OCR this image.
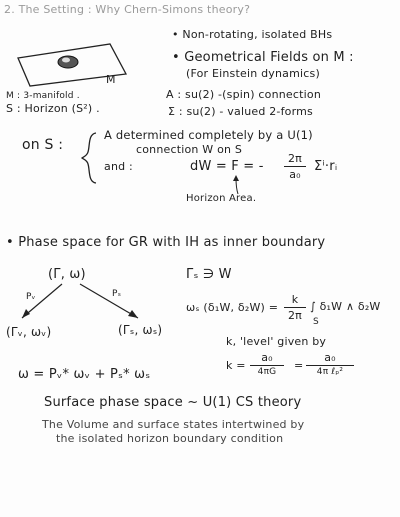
2. The Setting : Why Chern-Simons theory?
M
• Non-rotating, isolated BHs
• Geometrical Fields on M :
(For Einstein dynamics)
M : 3-manifold .
S : Horizon (S²) .
A : su(2) -(spin) connection
Σ : su(2) - valued 2-forms
on S :
A determined completely by a U(1)
connection W on S
and :	dW = F = -
2π
a₀
Σⁱ·rᵢ
Horizon Area.
• Phase space for GR with IH as inner boundary
(Γ, ω)
Pᵥ	Pₛ
(Γᵥ, ωᵥ)	(Γₛ, ωₛ)
Γₛ ∋ W
ωₛ (δ₁W, δ₂W) =
k
2π
∫ δ₁W ∧ δ₂W
S
k, 'level' given by
k =
a₀
4πG	=
a₀
4π ℓₚ²
ω = Pᵥ* ωᵥ + Pₛ* ωₛ
Surface phase space ~ U(1) CS theory
The Volume and surface states intertwined by
the isolated horizon boundary condition
